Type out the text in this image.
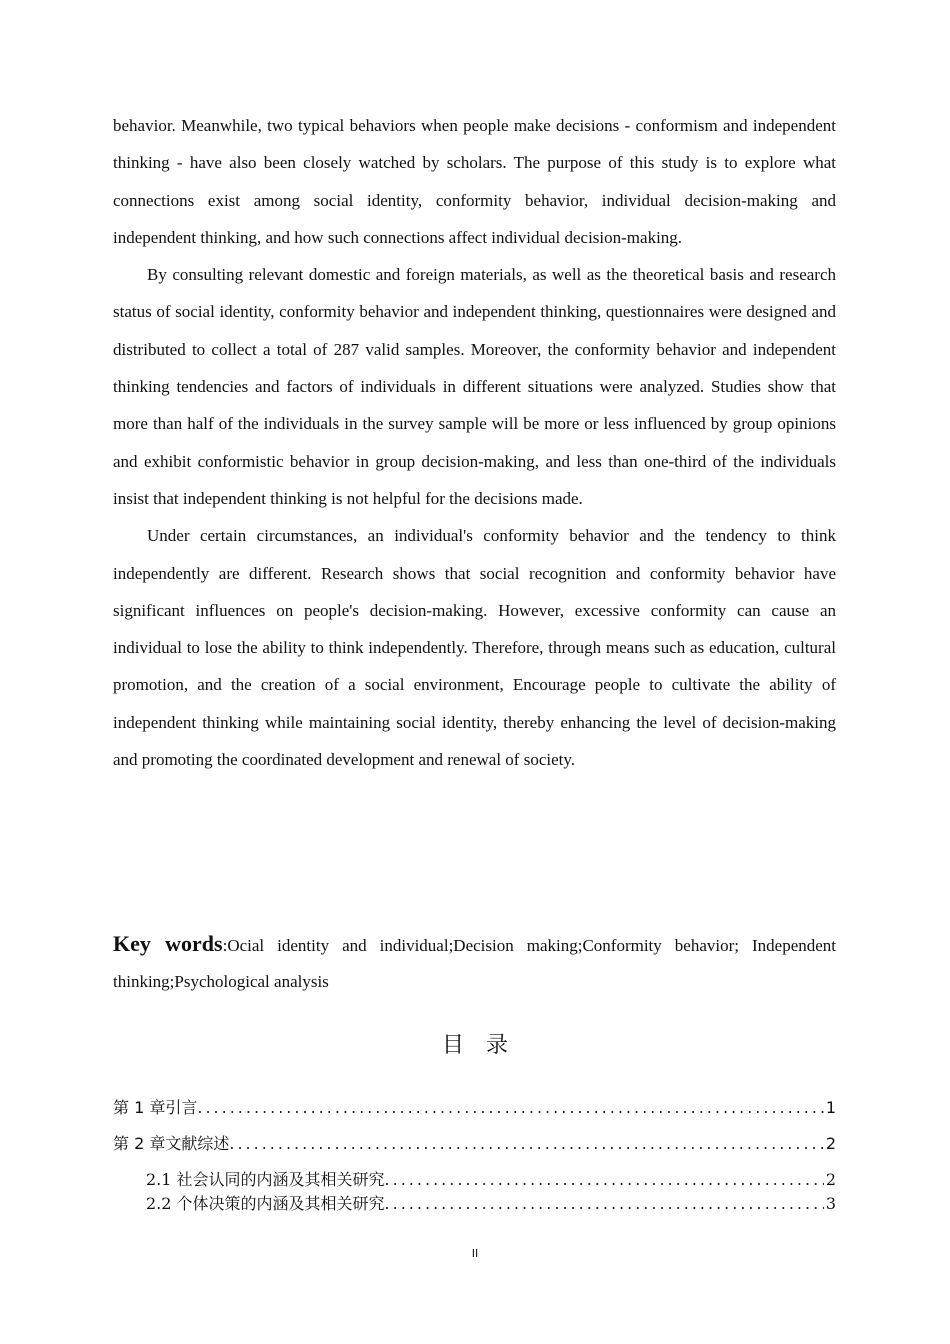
behavior. Meanwhile, two typical behaviors when people make decisions - conformism and independent thinking - have also been closely watched by scholars. The purpose of this study is to explore what connections exist among social identity, conformity behavior, individual decision-making and independent thinking, and how such connections affect individual decision-making.

By consulting relevant domestic and foreign materials, as well as the theoretical basis and research status of social identity, conformity behavior and independent thinking, questionnaires were designed and distributed to collect a total of 287 valid samples. Moreover, the conformity behavior and independent thinking tendencies and factors of individuals in different situations were analyzed. Studies show that more than half of the individuals in the survey sample will be more or less influenced by group opinions and exhibit conformistic behavior in group decision-making, and less than one-third of the individuals insist that independent thinking is not helpful for the decisions made.

Under certain circumstances, an individual's conformity behavior and the tendency to think independently are different. Research shows that social recognition and conformity behavior have significant influences on people's decision-making. However, excessive conformity can cause an individual to lose the ability to think independently. Therefore, through means such as education, cultural promotion, and the creation of a social environment, Encourage people to cultivate the ability of independent thinking while maintaining social identity, thereby enhancing the level of decision-making and promoting the coordinated development and renewal of society.

Key words:Ocial identity and individual;Decision making;Conformity behavior; Independent thinking;Psychological analysis
目录
第 1 章引言 .....	1
第 2 章文献综述 .....	2
2.1 社会认同的内涵及其相关研究 .....	2
2.2 个体决策的内涵及其相关研究 .....	3
II
